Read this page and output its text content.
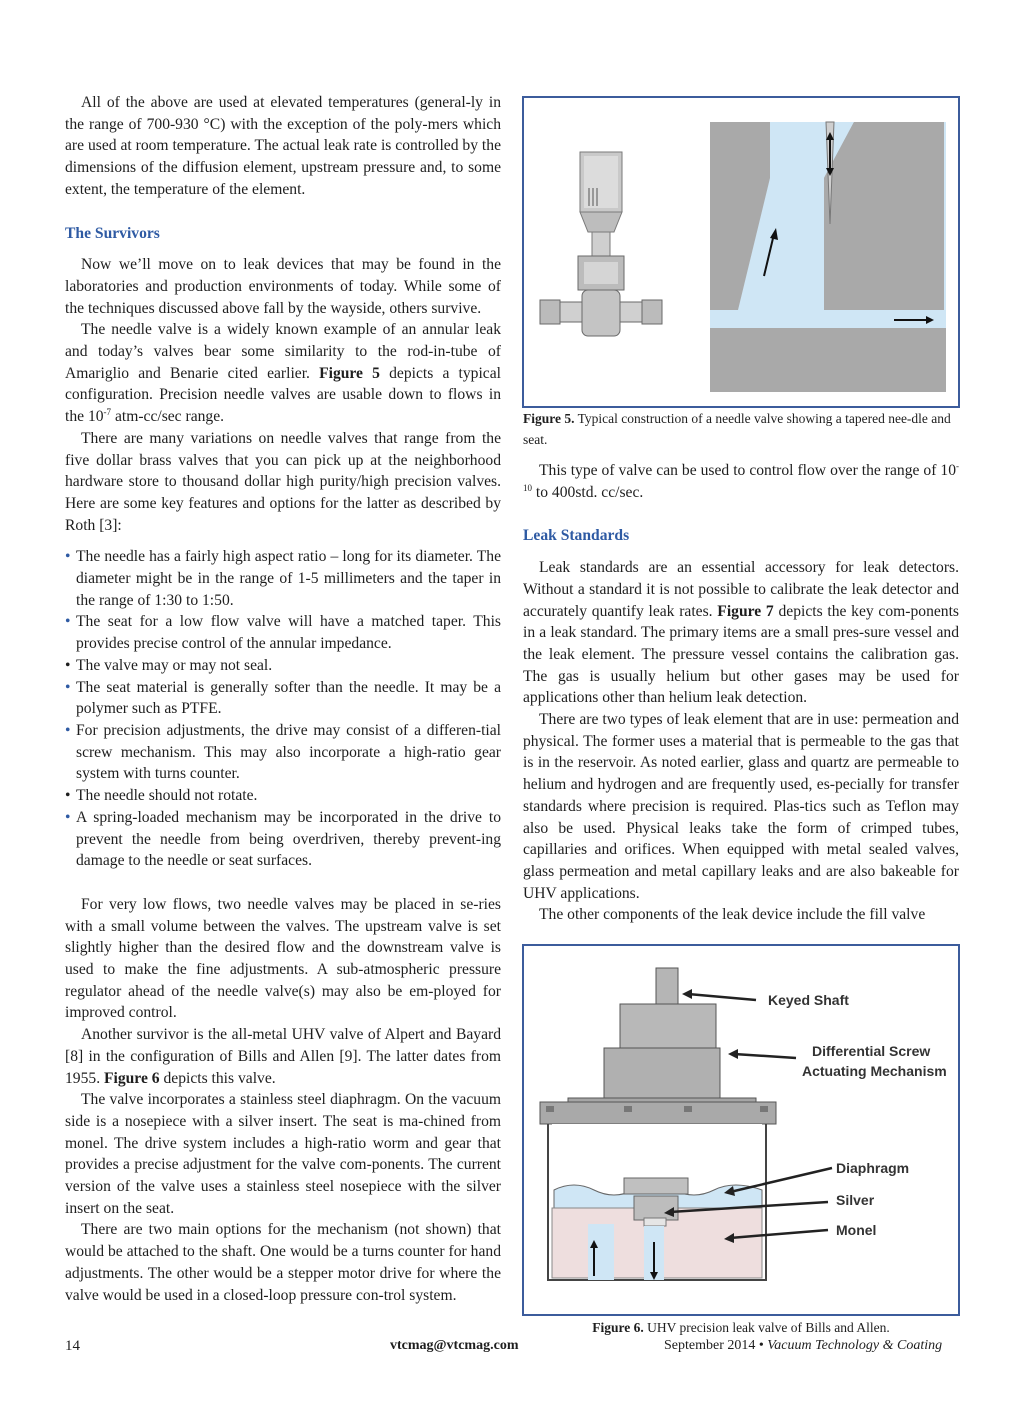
All of the above are used at elevated temperatures (general-ly in the range of 700-930 °C) with the exception of the poly-mers which are used at room temperature. The actual leak rate is controlled by the dimensions of the diffusion element, upstream pressure and, to some extent, the temperature of the element.

The Survivors

Now we’ll move on to leak devices that may be found in the laboratories and production environments of today. While some of the techniques discussed above fall by the wayside, others survive.

The needle valve is a widely known example of an annular leak and today’s valves bear some similarity to the rod-in-tube of Amariglio and Benarie cited earlier. Figure 5 depicts a typical configuration. Precision needle valves are usable down to flows in the $10^{-7}$ atm-cc/sec range.

There are many variations on needle valves that range from the five dollar brass valves that you can pick up at the neighborhood hardware store to thousand dollar high purity/high precision valves. Here are some key features and options for the latter as described by Roth [3]:

• The needle has a fairly high aspect ratio – long for its diameter. The diameter might be in the range of 1-5 millimeters and the taper in the range of 1:30 to 1:50.
• The seat for a low flow valve will have a matched taper. This provides precise control of the annular impedance.
• The valve may or may not seal.
• The seat material is generally softer than the needle. It may be a polymer such as PTFE.
• For precision adjustments, the drive may consist of a differen-tial screw mechanism. This may also incorporate a high-ratio gear system with turns counter.
• The needle should not rotate.
• A spring-loaded mechanism may be incorporated in the drive to prevent the needle from being overdriven, thereby prevent-ing damage to the needle or seat surfaces.

For very low flows, two needle valves may be placed in se-ries with a small volume between the valves. The upstream valve is set slightly higher than the desired flow and the downstream valve is used to make the fine adjustments. A sub-atmospheric pressure regulator ahead of the needle valve(s) may also be em-ployed for improved control.

Another survivor is the all-metal UHV valve of Alpert and Bayard [8] in the configuration of Bills and Allen [9]. The latter dates from 1955. Figure 6 depicts this valve.

The valve incorporates a stainless steel diaphragm. On the vacuum side is a nosepiece with a silver insert. The seat is ma-chined from monel. The drive system includes a high-ratio worm and gear that provides a precise adjustment for the valve com-ponents. The current version of the valve uses a stainless steel nosepiece with the silver insert on the seat.

There are two main options for the mechanism (not shown) that would be attached to the shaft. One would be a turns counter for hand adjustments. The other would be a stepper motor drive for where the valve would be used in a closed-loop pressure con-trol system.

Figure 5. Typical construction of a needle valve showing a tapered nee-dle and seat.

This type of valve can be used to control flow over the range of $10^{-10}$ to 400std. cc/sec.

Leak Standards

Leak standards are an essential accessory for leak detectors. Without a standard it is not possible to calibrate the leak detector and accurately quantify leak rates. Figure 7 depicts the key com-ponents in a leak standard. The primary items are a small pres-sure vessel and the leak element. The pressure vessel contains the calibration gas. The gas is usually helium but other gases may be used for applications other than helium leak detection.

There are two types of leak element that are in use: permeation and physical. The former uses a material that is permeable to the gas that is in the reservoir. As noted earlier, glass and quartz are permeable to helium and hydrogen and are frequently used, es-pecially for transfer standards where precision is required. Plas-tics such as Teflon may also be used. Physical leaks take the form of crimped tubes, capillaries and orifices. When equipped with metal sealed valves, glass permeation and metal capillary leaks and are also bakeable for UHV applications.

The other components of the leak device include the fill valve

Keyed Shaft
Differential Screw
Actuating Mechanism
Diaphragm
Silver
Monel
Figure 6. UHV precision leak valve of Bills and Allen.
14	vtcmag@vtcmag.com	September 2014 • Vacuum Technology & Coating
